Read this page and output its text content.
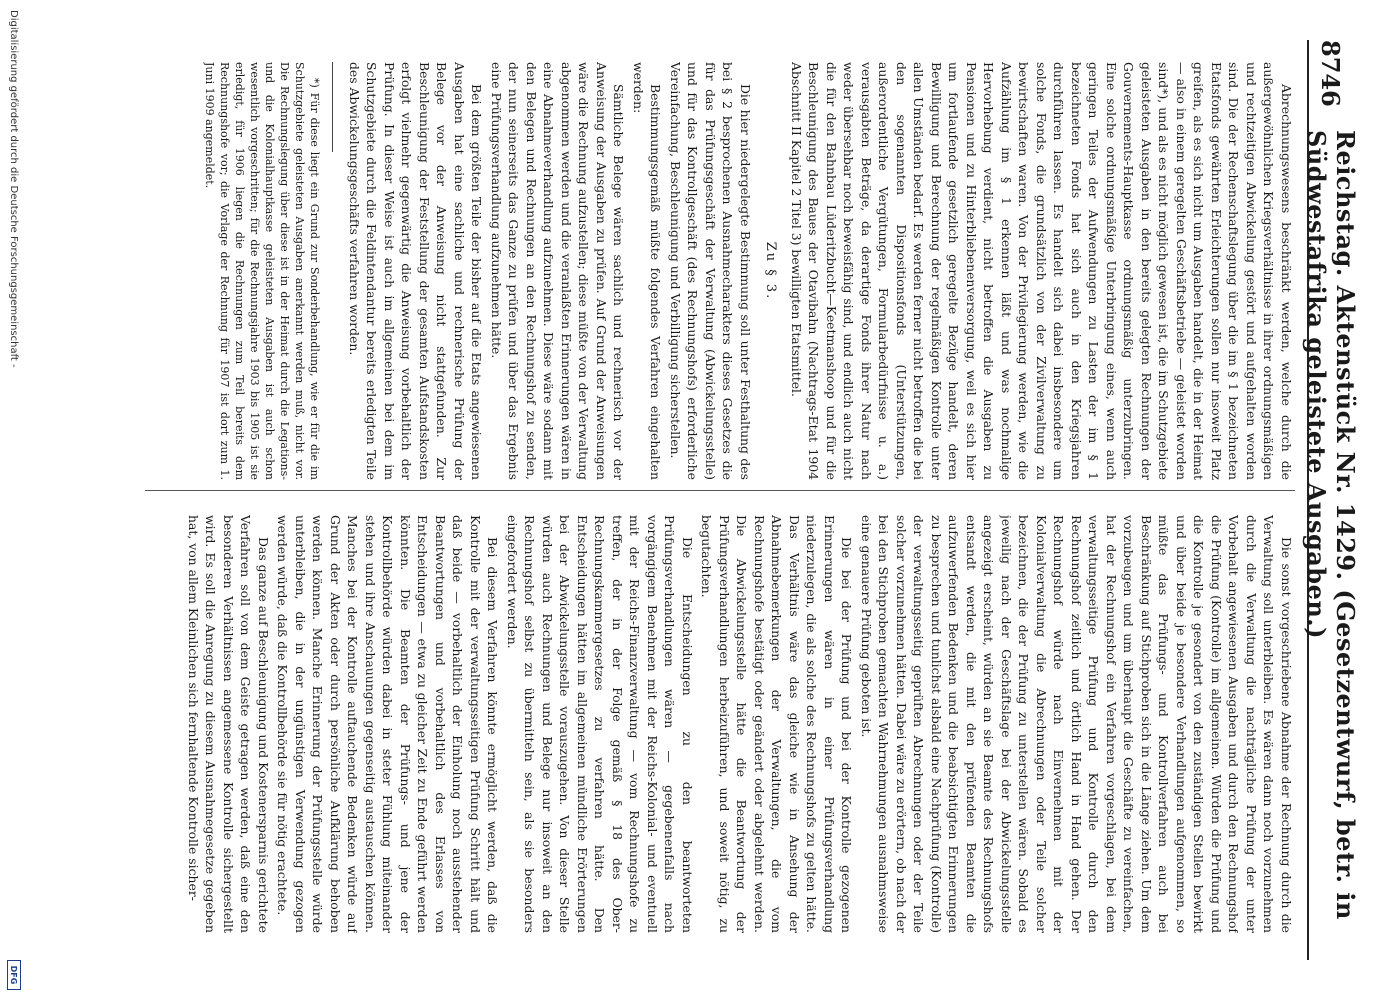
8746
Reichstag. Aktenstück Nr. 1429. (Gesetzentwurf, betr. in Südwestafrika geleistete Ausgaben.)

Abrechnungswesens beschränkt werden, welche durch die außergewöhnlichen Kriegsverhältnisse in ihrer ordnungsmäßigen und rechtzeitigen Abwickelung gestört und aufgehalten worden sind. Die der Rechenschaftslegung über die im § 1 bezeichneten Etatsfonds gewährten Erleichterungen sollen nur insoweit Platz greifen, als es sich nicht um Ausgaben handelt, die in der Heimat — also in einem geregelten Geschäftsbetriebe — geleistet worden sind*), und als es nicht möglich gewesen ist, die im Schutzgebiete geleisteten Ausgaben in den bereits gelegten Rechnungen der Gouvernements-Hauptkasse ordnungsmäßig unterzubringen. Eine solche ordnungsmäßige Unterbringung eines, wenn auch geringen Teiles der Aufwendungen zu Lasten der im § 1 bezeichneten Fonds hat sich auch in den Kriegsjahren durchführen lassen. Es handelt sich dabei insbesondere um solche Fonds, die grundsätzlich von der Zivilverwaltung zu bewirtschaften waren. Von der Privilegierung werden, wie die Aufzählung im § 1 erkennen läßt und was nochmalige Hervorhebung verdient, nicht betroffen die Ausgaben zu Pensionen und zu Hinterbliebenenversorgung, weil es sich hier um fortlaufende gesetzlich geregelte Bezüge handelt, deren Bewilligung und Berechnung der regelmäßigen Kontrolle unter allen Umständen bedarf. Es werden ferner nicht betroffen die bei den sogenannten Dispositionsfonds (Unterstützungen, außerordentliche Vergütungen, Formularbedürfnisse u. a.) verausgabten Beträge, da derartige Fonds ihrer Natur nach weder übersehbar noch beweisfähig sind, und endlich auch nicht die für den Bahnbau Lüderitzbucht—Keetmanshoop und für die Beschleunigung des Baues der Otavibahn (Nachtrags-Etat 1904 Abschnitt II Kapitel 2 Titel 3) bewilligten Etatsmittel.

Zu § 3.

Die hier niedergelegte Bestimmung soll unter Festhaltung des bei § 2 besprochenen Ausnahmecharakters dieses Gesetzes die für das Prüfungsgeschäft der Verwaltung (Abwickelungsstelle) und für das Kontrollgeschäft (des Rechnungshofs) erforderliche Vereinfachung, Beschleunigung und Verbilligung sicherstellen.

Bestimmungsgemäß müßte folgendes Verfahren eingehalten werden:

Sämtliche Belege wären sachlich und rechnerisch vor der Anweisung der Ausgaben zu prüfen. Auf Grund der Anweisungen wäre die Rechnung aufzustellen; diese müßte von der Verwaltung abgenommen werden und die veranlaßten Erinnerungen wären in eine Abnahmeverhandlung aufzunehmen. Diese wäre sodann mit den Belegen und Rechnungen an den Rechnungshof zu senden, der nun seinerseits das Ganze zu prüfen und über das Ergebnis eine Prüfungsverhandlung aufzunehmen hätte.

Bei dem größten Teile der bisher auf die Etats angewiesenen Ausgaben hat eine sachliche und rechnerische Prüfung der Belege vor der Anweisung nicht stattgefunden. Zur Beschleunigung der Feststellung der gesamten Aufstandskosten erfolgt vielmehr gegenwärtig die Anweisung vorbehaltlich der Prüfung. In dieser Weise ist auch im allgemeinen bei dem im Schutzgebiete durch die Feldintendantur bereits erledigten Teile des Abwickelungsgeschäfts verfahren worden.

*) Für diese liegt ein Grund zur Sonderbehandlung, wie er für die im Schutzgebiete geleisteten Ausgaben anerkannt werden muß, nicht vor. Die Rechnungslegung über diese ist in der Heimat durch die Legations- und die Kolonialhauptkasse geleisteten Ausgaben ist auch schon wesentlich vorgeschritten; für die Rechnungsjahre 1903 bis 1905 ist sie erledigt, für 1906 liegen die Rechnungen zum Teil bereits dem Rechnungshofe vor; die Vorlage der Rechnung für 1907 ist dort zum 1. Juni 1909 angemeldet.

Die sonst vorgeschriebene Abnahme der Rechnung durch die Verwaltung soll unterbleiben. Es wären dann noch vorzunehmen durch die Verwaltung die nachträgliche Prüfung der unter Vorbehalt angewiesenen Ausgaben und durch den Rechnungshof die Prüfung (Kontrolle) im allgemeinen. Würden die Prüfung und die Kontrolle je gesondert von den zuständigen Stellen bewirkt und über beide je besondere Verhandlungen aufgenommen, so müßte das Prüfungs- und Kontrollverfahren auch bei Beschränkung auf Stichproben sich in die Länge ziehen. Um dem vorzubeugen und um überhaupt die Geschäfte zu vereinfachen, hat der Rechnungshof ein Verfahren vorgeschlagen, bei dem verwaltungsseitige Prüfung und Kontrolle durch den Rechnungshof zeitlich und örtlich Hand in Hand gehen. Der Rechnungshof würde nach Einvernehmen mit der Kolonialverwaltung die Abrechnungen oder Teile solcher bezeichnen, die der Prüfung zu unterstellen wären. Sobald es jeweilig nach der Geschäftslage bei der Abwickelungsstelle angezeigt erscheint, würden an sie Beamte des Rechnungshofs entsandt werden, die mit den prüfenden Beamten die aufzuwerfenden Bedenken und die beabsichtigten Erinnerungen zu besprechen und tunlichst alsbald eine Nachprüfung (Kontrolle) der verwaltungsseitig geprüften Abrechnungen oder der Teile solcher vorzunehmen hätten. Dabei wäre zu erörtern, ob nach der bei den Stichproben gemachten Wahrnehmungen ausnahmsweise eine genauere Prüfung geboten ist.

Die bei der Prüfung und bei der Kontrolle gezogenen Erinnerungen wären in einer Prüfungsverhandlung niederzulegen, die als solche des Rechnungshofs zu gelten hätte. Das Verhältnis wäre das gleiche wie in Ansehung der Abnahmebemerkungen der Verwaltungen, die vom Rechnungshofe bestätigt oder geändert oder abgelehnt werden. Die Abwickelungsstelle hätte die Beantwortung der Prüfungsverhandlungen herbeizuführen, und soweit nötig, zu begutachten.

Die Entscheidungen zu den beantworteten Prüfungsverhandlungen wären — gegebenenfalls nach vorgängigem Benehmen mit der Reichs-Kolonial- und eventuell mit der Reichs-Finanzverwaltung — vom Rechnungshofe zu treffen, der in der Folge gemäß § 18 des Ober-Rechnungskammergesetzes zu verfahren hätte. Den Entscheidungen hätten im allgemeinen mündliche Erörterungen bei der Abwickelungsstelle vorauszugehen. Von dieser Stelle würden auch Rechnungen und Belege nur insoweit an den Rechnungshof selbst zu übermitteln sein, als sie besonders eingefordert werden.

Bei diesem Verfahren könnte ermöglicht werden, daß die Kontrolle mit der verwaltungsseitigen Prüfung Schritt hält und daß beide — vorbehaltlich der Einholung noch ausstehender Beantwortungen und vorbehaltlich des Erlasses von Entscheidungen — etwa zu gleicher Zeit zu Ende geführt werden könnten. Die Beamten der Prüfungs- und jene der Kontrollbehörde würden dabei in steter Fühlung miteinander stehen und ihre Anschauungen gegenseitig austauschen können. Manches bei der Kontrolle auftauchende Bedenken würde auf Grund der Akten oder durch persönliche Aufklärung behoben werden können. Manche Erinnerung der Prüfungsstelle würde unterbleiben, die in der ungünstigen Verwendung gezogen werden würde, daß die Kontrollbehörde sie für nötig erachtete.

Das ganze auf Beschleunigung und Kostenersparnis gerichtete Verfahren soll von dem Geiste getragen werden, daß eine den besonderen Verhältnissen angemessene Kontrolle sichergestellt wird. Es soll die Anregung zu diesem Ausnahmegesetze gegeben hat, von allem Kleinlichen sich fernhaltende Kontrolle sicher-

Digitalisierung gefördert durch die Deutsche Forschungsgemeinschaft -
DFG
